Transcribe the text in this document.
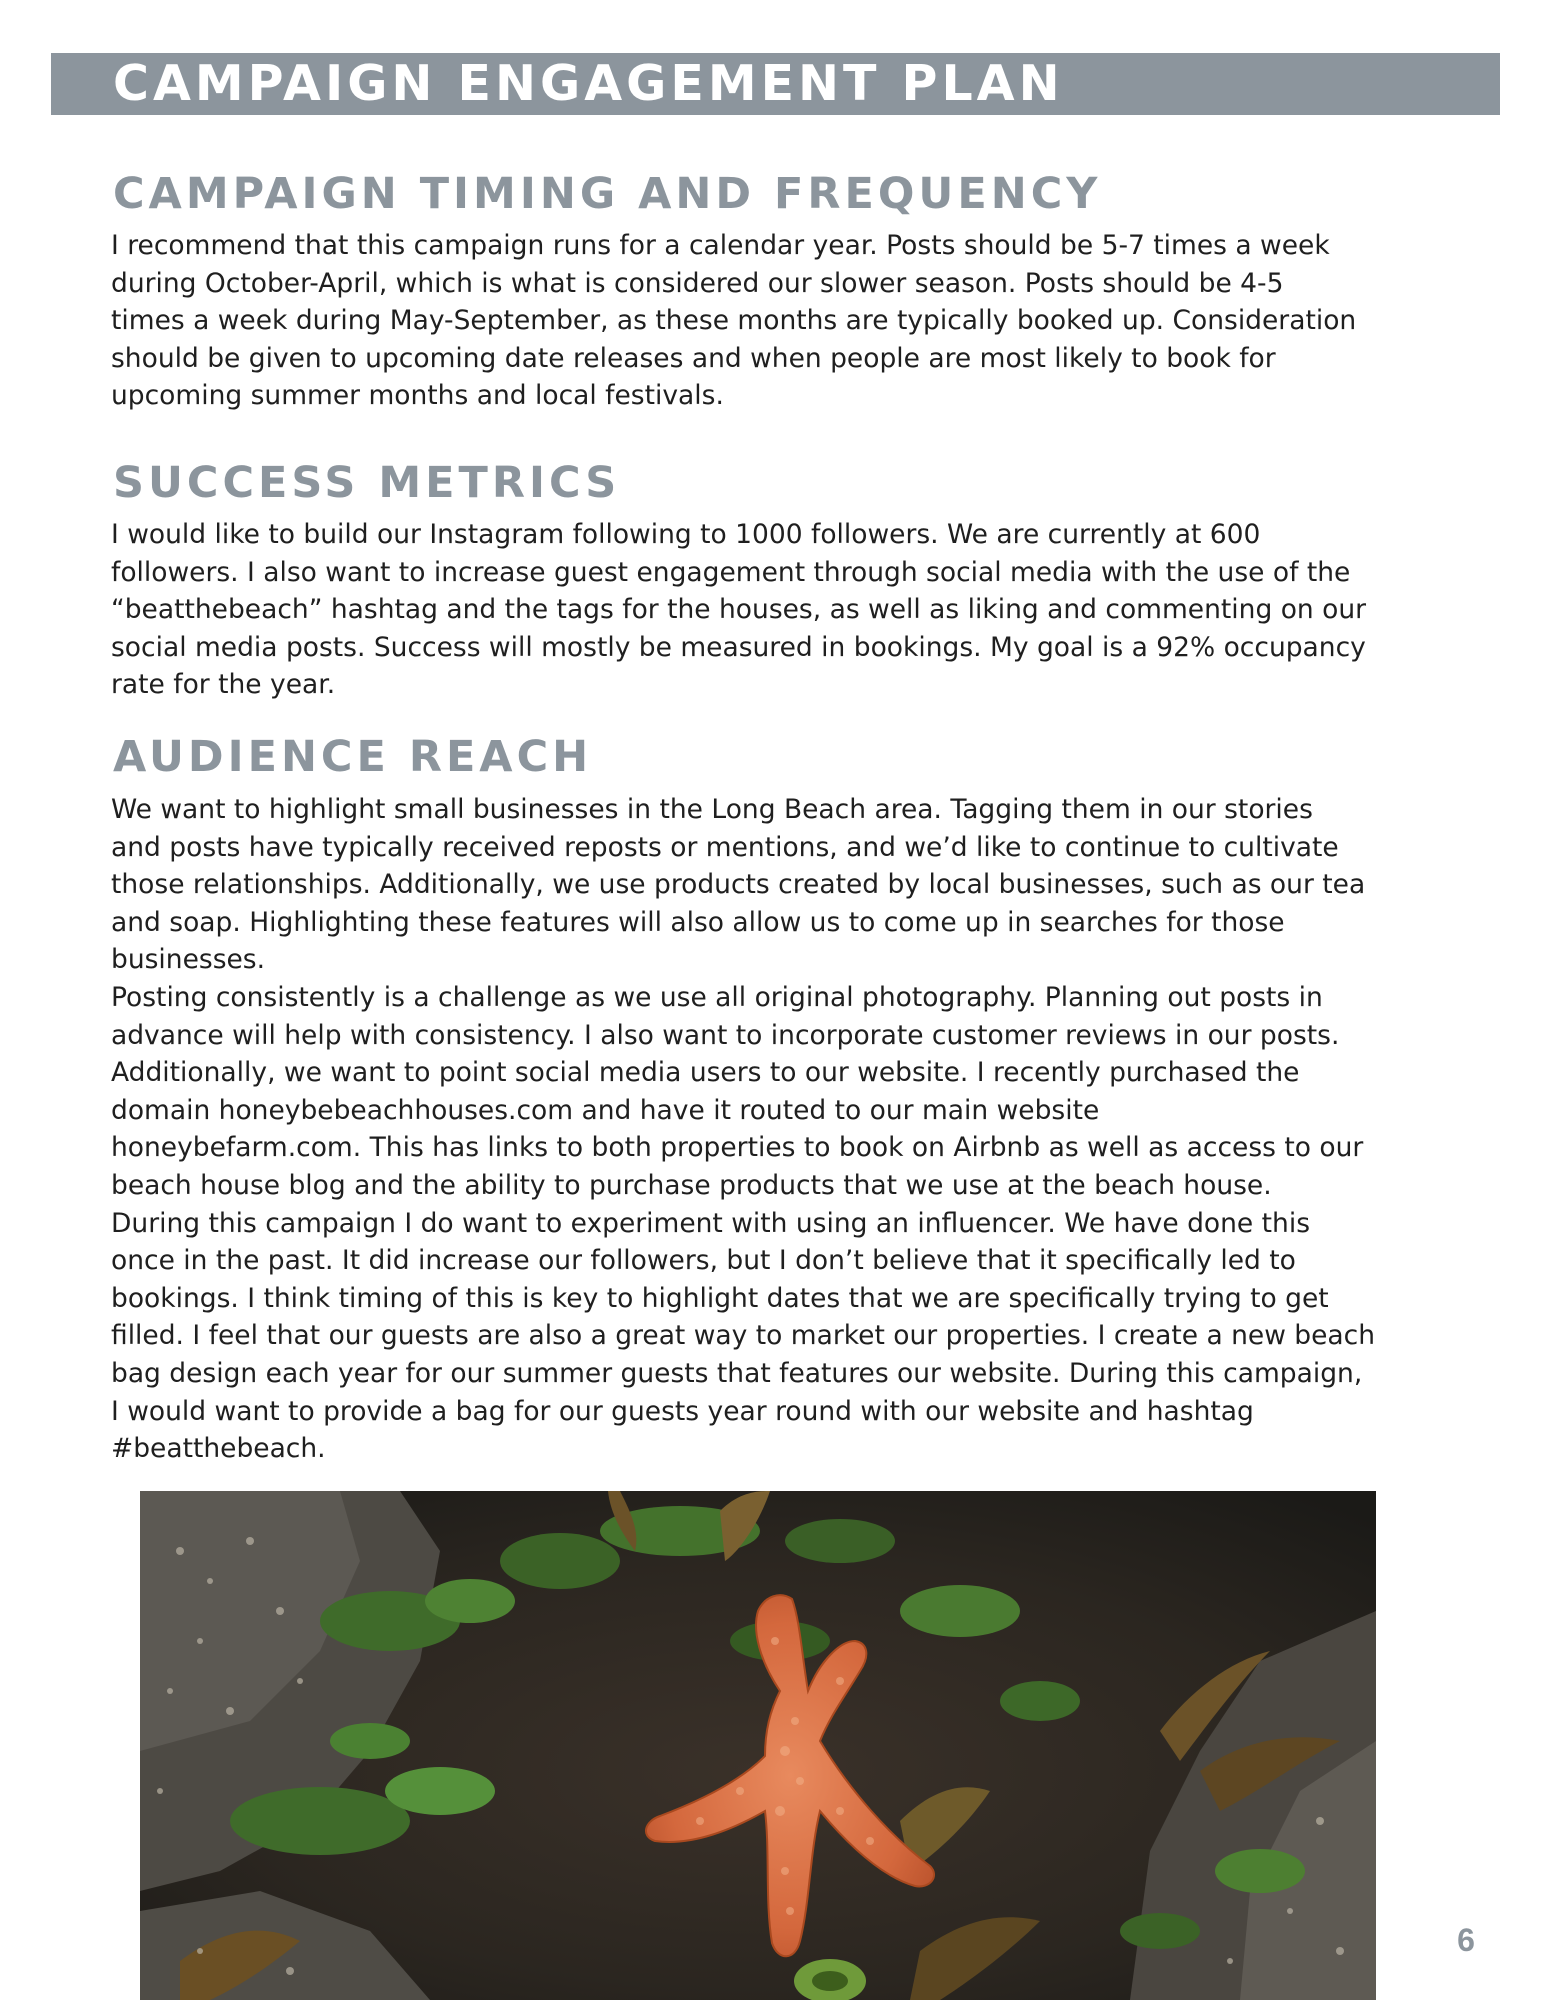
CAMPAIGN ENGAGEMENT PLAN
CAMPAIGN TIMING AND FREQUENCY

I recommend that this campaign runs for a calendar year. Posts should be 5-7 times a week
during October-April, which is what is considered our slower season. Posts should be 4-5
times a week during May-September, as these months are typically booked up. Consideration
should be given to upcoming date releases and when people are most likely to book for
upcoming summer months and local festivals.

SUCCESS METRICS

I would like to build our Instagram following to 1000 followers. We are currently at 600
followers. I also want to increase guest engagement through social media with the use of the
“beatthebeach” hashtag and the tags for the houses, as well as liking and commenting on our
social media posts. Success will mostly be measured in bookings. My goal is a 92% occupancy
rate for the year.

AUDIENCE REACH

We want to highlight small businesses in the Long Beach area. Tagging them in our stories
and posts have typically received reposts or mentions, and we’d like to continue to cultivate
those relationships. Additionally, we use products created by local businesses, such as our tea
and soap. Highlighting these features will also allow us to come up in searches for those
businesses.
Posting consistently is a challenge as we use all original photography. Planning out posts in
advance will help with consistency. I also want to incorporate customer reviews in our posts.
Additionally, we want to point social media users to our website. I recently purchased the
domain honeybebeachhouses.com and have it routed to our main website
honeybefarm.com. This has links to both properties to book on Airbnb as well as access to our
beach house blog and the ability to purchase products that we use at the beach house.
During this campaign I do want to experiment with using an influencer. We have done this
once in the past. It did increase our followers, but I don’t believe that it specifically led to
bookings. I think timing of this is key to highlight dates that we are specifically trying to get
filled. I feel that our guests are also a great way to market our properties. I create a new beach
bag design each year for our summer guests that features our website. During this campaign,
I would want to provide a bag for our guests year round with our website and hashtag
#beatthebeach.

6
